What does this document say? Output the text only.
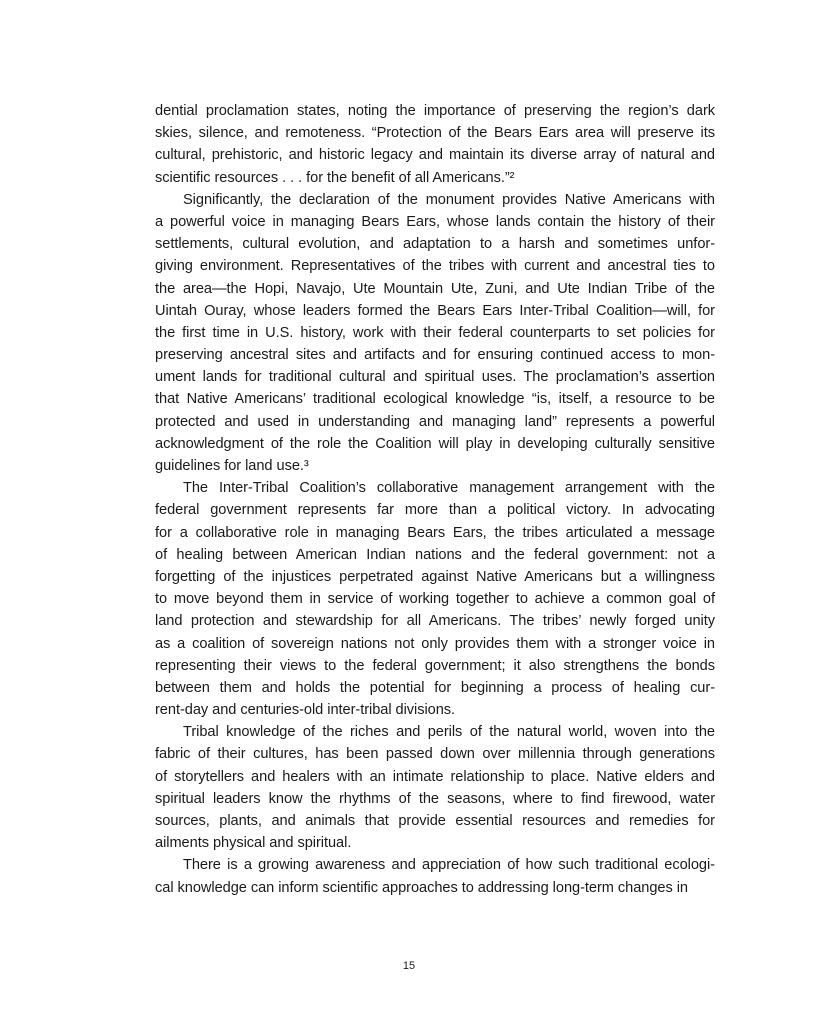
dential proclamation states, noting the importance of preserving the region’s dark
skies, silence, and remoteness. “Protection of the Bears Ears area will preserve its
cultural, prehistoric, and historic legacy and maintain its diverse array of natural and
scientific resources . . . for the benefit of all Americans.”²
Significantly, the declaration of the monument provides Native Americans with
a powerful voice in managing Bears Ears, whose lands contain the history of their
settlements, cultural evolution, and adaptation to a harsh and sometimes unfor-
giving environment. Representatives of the tribes with current and ancestral ties to
the area—the Hopi, Navajo, Ute Mountain Ute, Zuni, and Ute Indian Tribe of the
Uintah Ouray, whose leaders formed the Bears Ears Inter-Tribal Coalition—will, for
the first time in U.S. history, work with their federal counterparts to set policies for
preserving ancestral sites and artifacts and for ensuring continued access to mon-
ument lands for traditional cultural and spiritual uses. The proclamation’s assertion
that Native Americans’ traditional ecological knowledge “is, itself, a resource to be
protected and used in understanding and managing land” represents a powerful
acknowledgment of the role the Coalition will play in developing culturally sensitive
guidelines for land use.³
The Inter-Tribal Coalition’s collaborative management arrangement with the
federal government represents far more than a political victory. In advocating
for a collaborative role in managing Bears Ears, the tribes articulated a message
of healing between American Indian nations and the federal government: not a
forgetting of the injustices perpetrated against Native Americans but a willingness
to move beyond them in service of working together to achieve a common goal of
land protection and stewardship for all Americans. The tribes’ newly forged unity
as a coalition of sovereign nations not only provides them with a stronger voice in
representing their views to the federal government; it also strengthens the bonds
between them and holds the potential for beginning a process of healing cur-
rent-day and centuries-old inter-tribal divisions.
Tribal knowledge of the riches and perils of the natural world, woven into the
fabric of their cultures, has been passed down over millennia through generations
of storytellers and healers with an intimate relationship to place. Native elders and
spiritual leaders know the rhythms of the seasons, where to find firewood, water
sources, plants, and animals that provide essential resources and remedies for
ailments physical and spiritual.
There is a growing awareness and appreciation of how such traditional ecologi-
cal knowledge can inform scientific approaches to addressing long-term changes in
15
